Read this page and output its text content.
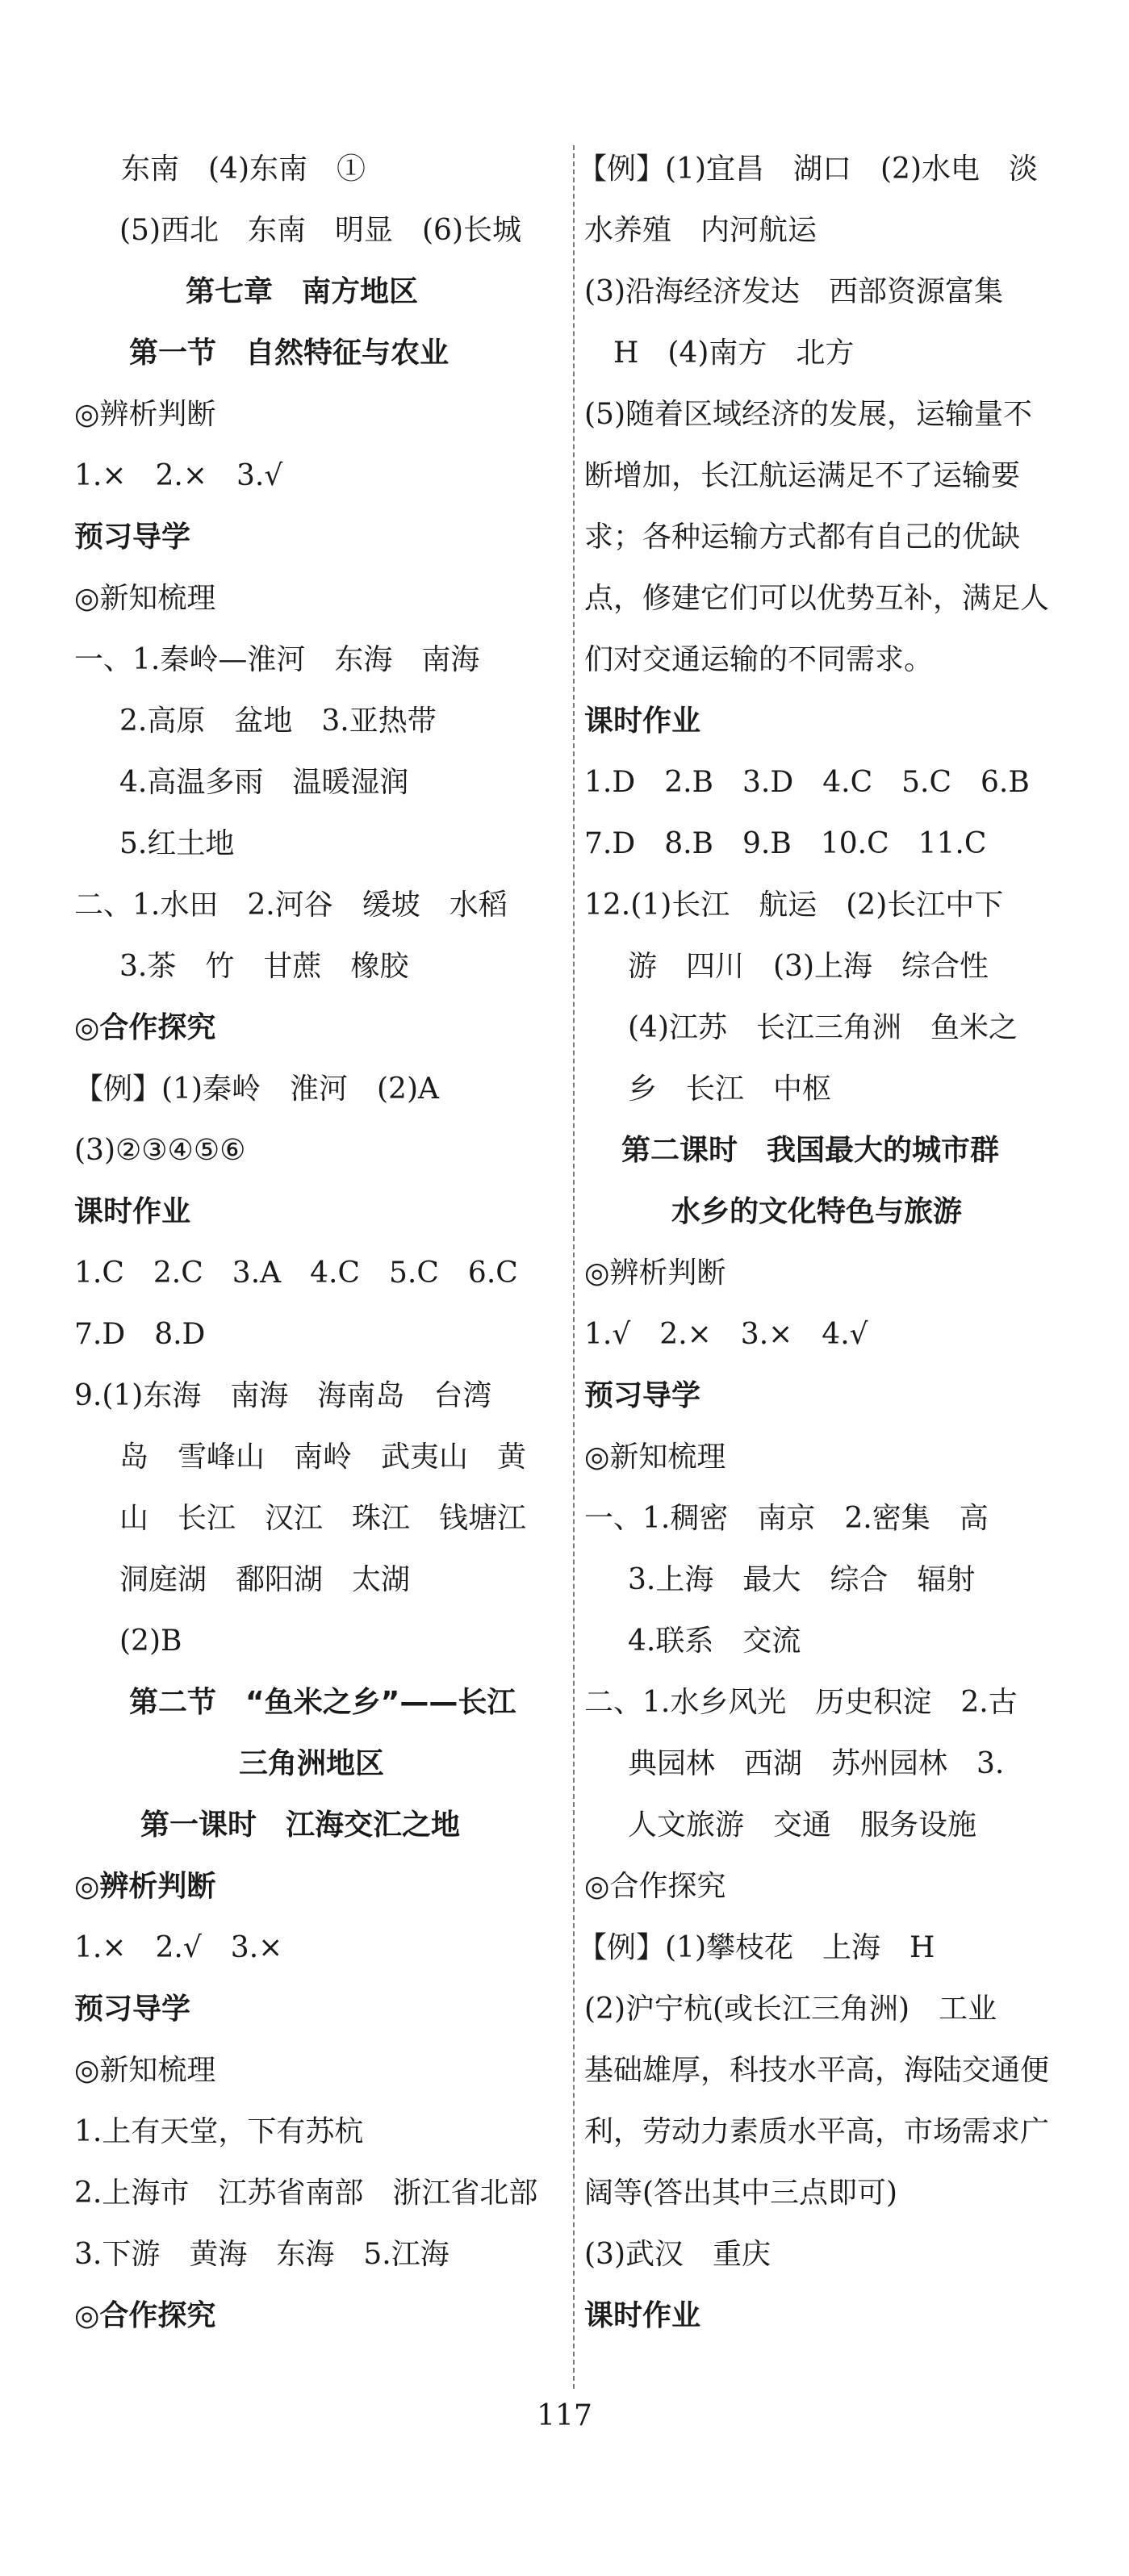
东南　(4)东南　①
(5)西北　东南　明显　(6)长城
第七章　南方地区
第一节　自然特征与农业
◎辨析判断
1.×　2.×　3.√
预习导学
◎新知梳理
一、1.秦岭—淮河　东海　南海
2.高原　盆地　3.亚热带
4.高温多雨　温暖湿润
5.红土地
二、1.水田　2.河谷　缓坡　水稻
3.茶　竹　甘蔗　橡胶
◎合作探究
【例】(1)秦岭　淮河　(2)A
(3)②③④⑤⑥
课时作业
1.C　2.C　3.A　4.C　5.C　6.C
7.D　8.D
9.(1)东海　南海　海南岛　台湾
岛　雪峰山　南岭　武夷山　黄
山　长江　汉江　珠江　钱塘江
洞庭湖　鄱阳湖　太湖
(2)B
第二节　“鱼米之乡”——长江
三角洲地区
第一课时　江海交汇之地
◎辨析判断
1.×　2.√　3.×
预习导学
◎新知梳理
1.上有天堂，下有苏杭
2.上海市　江苏省南部　浙江省北部
3.下游　黄海　东海　5.江海
◎合作探究
【例】(1)宜昌　湖口　(2)水电　淡
水养殖　内河航运
(3)沿海经济发达　西部资源富集
H　(4)南方　北方
(5)随着区域经济的发展，运输量不
断增加，长江航运满足不了运输要
求；各种运输方式都有自己的优缺
点，修建它们可以优势互补，满足人
们对交通运输的不同需求。
课时作业
1.D　2.B　3.D　4.C　5.C　6.B
7.D　8.B　9.B　10.C　11.C
12.(1)长江　航运　(2)长江中下
游　四川　(3)上海　综合性
(4)江苏　长江三角洲　鱼米之
乡　长江　中枢
第二课时　我国最大的城市群
水乡的文化特色与旅游
◎辨析判断
1.√　2.×　3.×　4.√
预习导学
◎新知梳理
一、1.稠密　南京　2.密集　高
3.上海　最大　综合　辐射
4.联系　交流
二、1.水乡风光　历史积淀　2.古
典园林　西湖　苏州园林　3.
人文旅游　交通　服务设施
◎合作探究
【例】(1)攀枝花　上海　H
(2)沪宁杭(或长江三角洲)　工业
基础雄厚，科技水平高，海陆交通便
利，劳动力素质水平高，市场需求广
阔等(答出其中三点即可)
(3)武汉　重庆
课时作业
117
